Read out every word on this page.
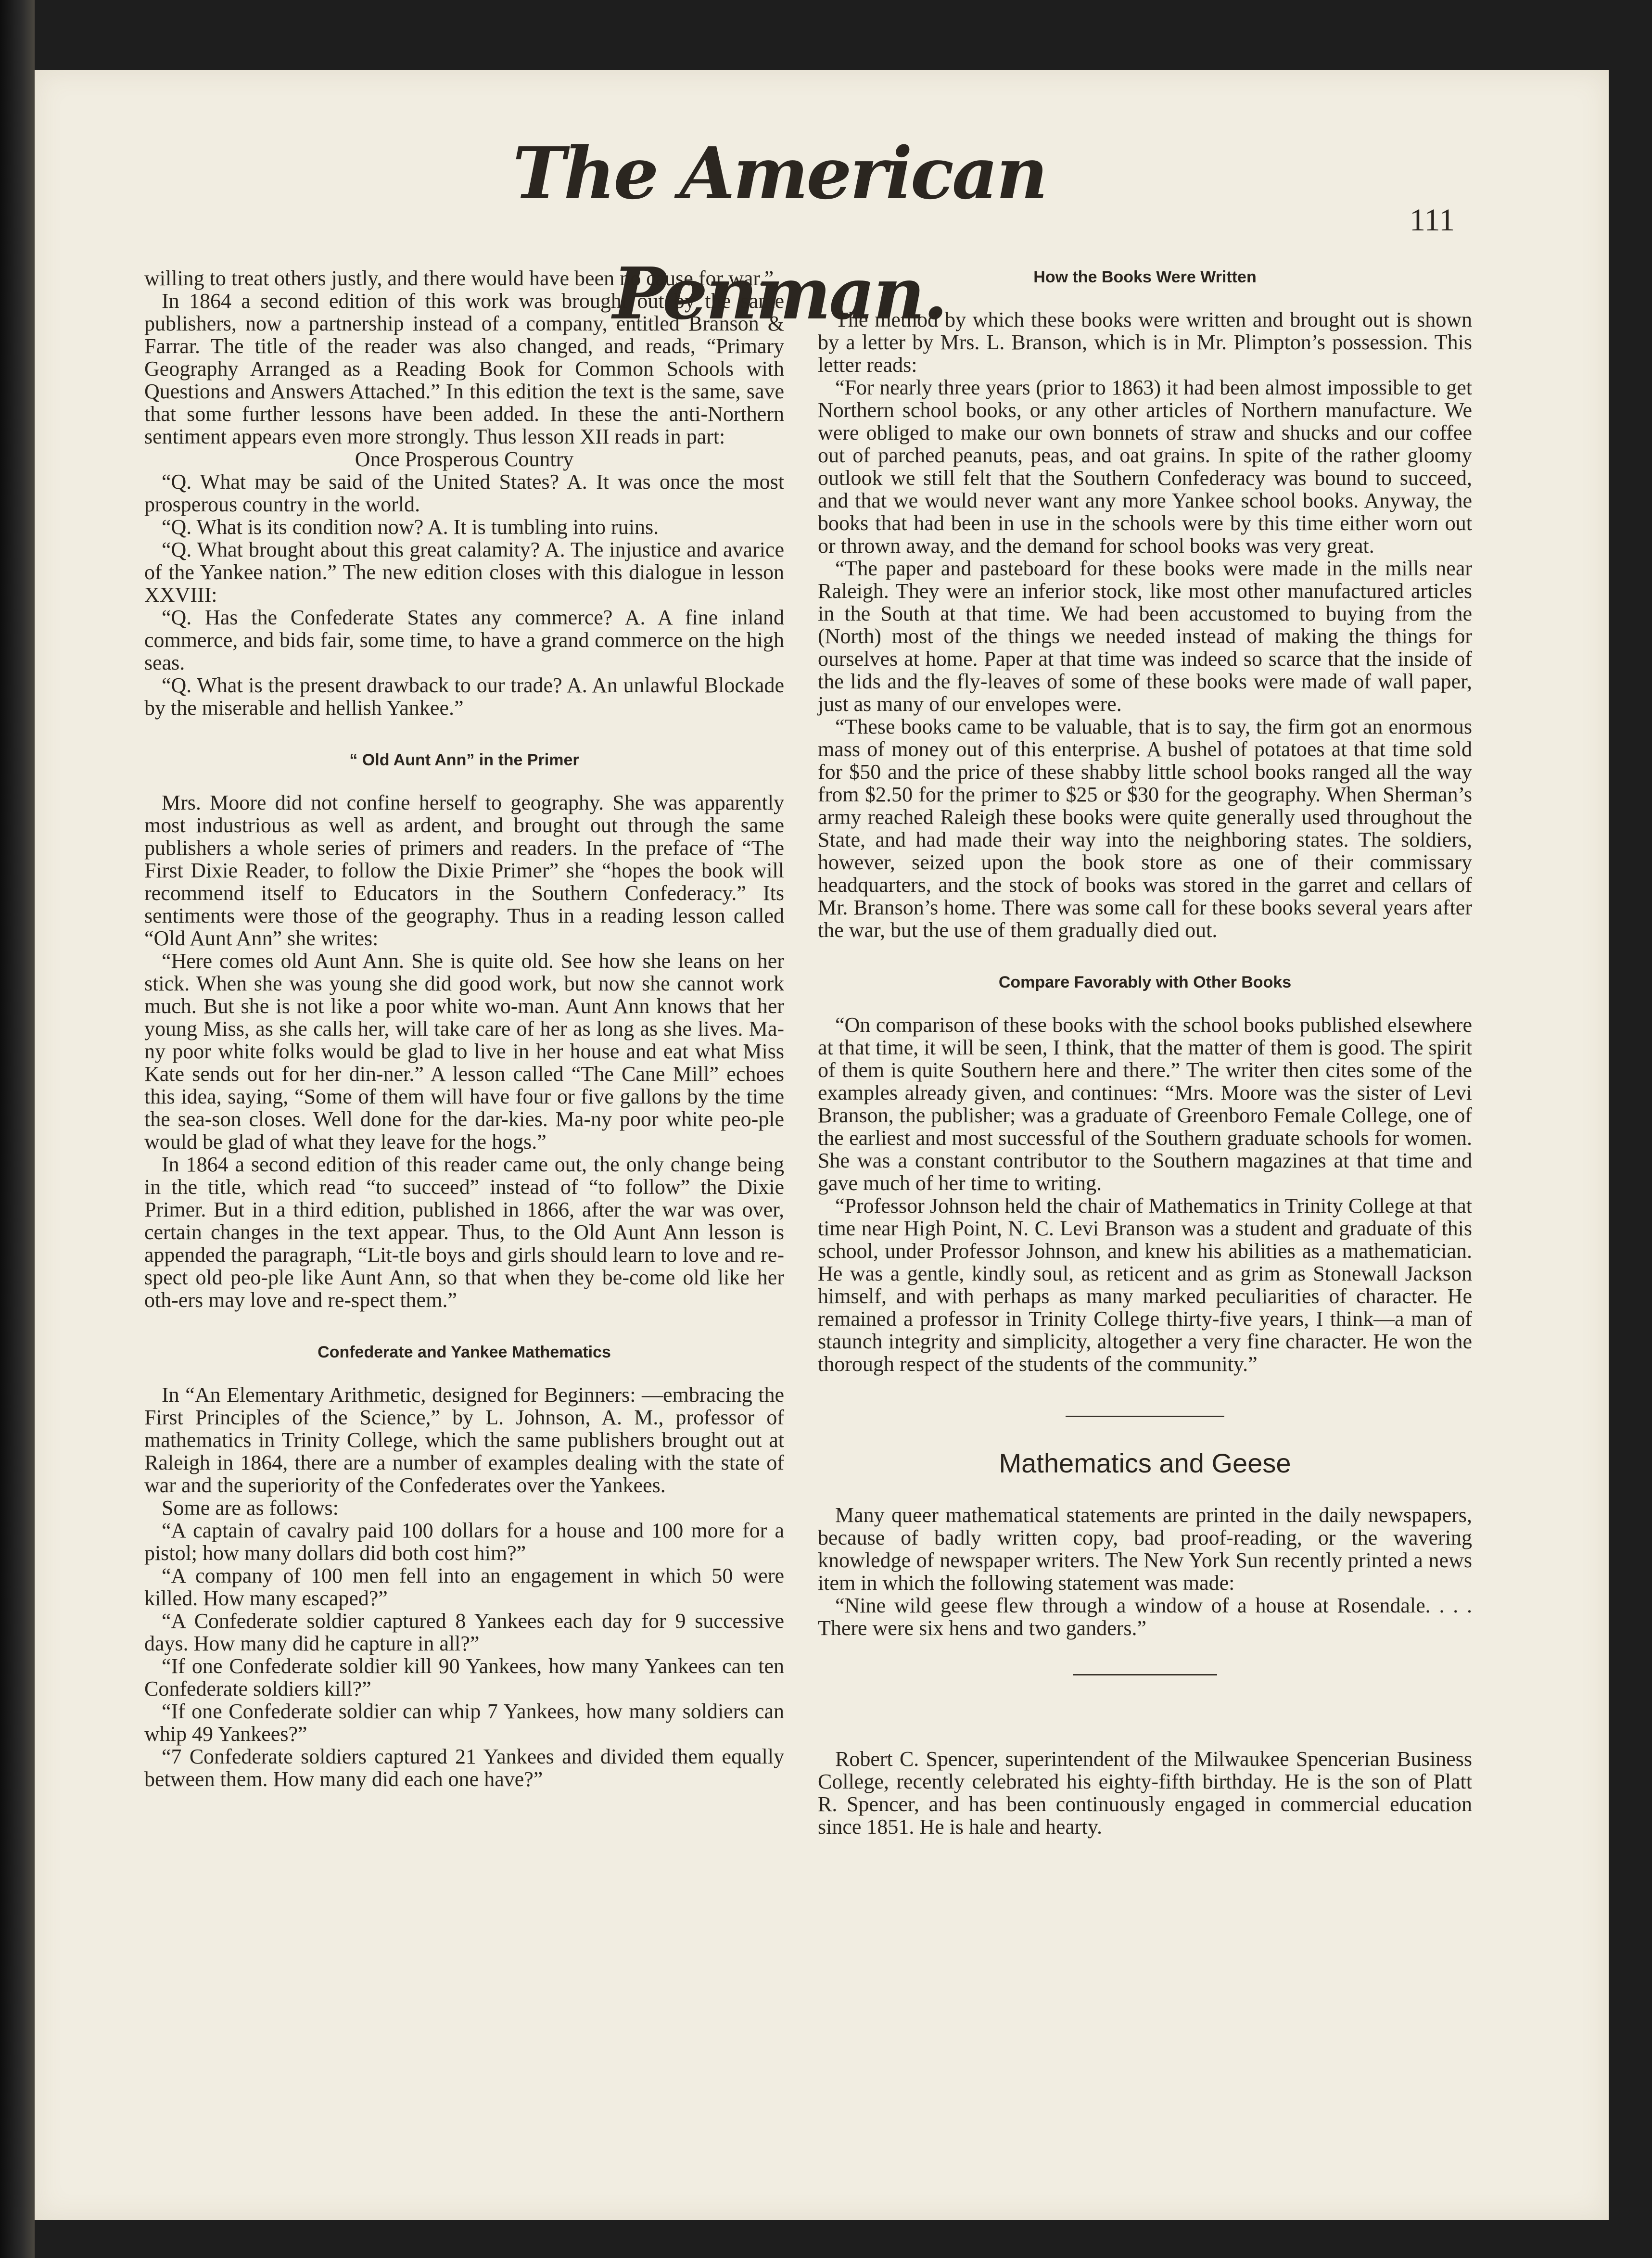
The American Penman.
111

willing to treat others justly, and there would have been no cause for war.”

In 1864 a second edition of this work was brought out by the same publishers, now a partnership instead of a company, entitled Branson & Farrar. The title of the reader was also changed, and reads, “Primary Geography Arranged as a Reading Book for Common Schools with Questions and Answers Attached.” In this edition the text is the same, save that some further lessons have been added. In these the anti-Northern sentiment appears even more strongly. Thus lesson XII reads in part:

Once Prosperous Country

“Q. What may be said of the United States? A. It was once the most prosperous country in the world.

“Q. What is its condition now? A. It is tumbling into ruins.

“Q. What brought about this great calamity? A. The injustice and avarice of the Yankee nation.” The new edition closes with this dialogue in lesson XXVIII:

“Q. Has the Confederate States any commerce? A. A fine inland commerce, and bids fair, some time, to have a grand commerce on the high seas.

“Q. What is the present drawback to our trade? A. An unlawful Blockade by the miserable and hellish Yankee.”

“ Old Aunt Ann” in the Primer

Mrs. Moore did not confine herself to geography. She was apparently most industrious as well as ardent, and brought out through the same publishers a whole series of primers and readers. In the preface of “The First Dixie Reader, to follow the Dixie Primer” she “hopes the book will recommend itself to Educators in the Southern Confederacy.” Its sentiments were those of the geography. Thus in a reading lesson called “Old Aunt Ann” she writes:

“Here comes old Aunt Ann. She is quite old. See how she leans on her stick. When she was young she did good work, but now she cannot work much. But she is not like a poor white wo-man. Aunt Ann knows that her young Miss, as she calls her, will take care of her as long as she lives. Ma-ny poor white folks would be glad to live in her house and eat what Miss Kate sends out for her din-ner.” A lesson called “The Cane Mill” echoes this idea, saying, “Some of them will have four or five gallons by the time the sea-son closes. Well done for the dar-kies. Ma-ny poor white peo-ple would be glad of what they leave for the hogs.”

In 1864 a second edition of this reader came out, the only change being in the title, which read “to succeed” instead of “to follow” the Dixie Primer. But in a third edition, published in 1866, after the war was over, certain changes in the text appear. Thus, to the Old Aunt Ann lesson is appended the paragraph, “Lit-tle boys and girls should learn to love and re-spect old peo-ple like Aunt Ann, so that when they be-come old like her oth-ers may love and re-spect them.”

Confederate and Yankee Mathematics

In “An Elementary Arithmetic, designed for Beginners: —embracing the First Principles of the Science,” by L. Johnson, A. M., professor of mathematics in Trinity College, which the same publishers brought out at Raleigh in 1864, there are a number of examples dealing with the state of war and the superiority of the Confederates over the Yankees.

Some are as follows:

“A captain of cavalry paid 100 dollars for a house and 100 more for a pistol; how many dollars did both cost him?”

“A company of 100 men fell into an engagement in which 50 were killed. How many escaped?”

“A Confederate soldier captured 8 Yankees each day for 9 successive days. How many did he capture in all?”

“If one Confederate soldier kill 90 Yankees, how many Yankees can ten Confederate soldiers kill?”

“If one Confederate soldier can whip 7 Yankees, how many soldiers can whip 49 Yankees?”

“7 Confederate soldiers captured 21 Yankees and divided them equally between them. How many did each one have?”

How the Books Were Written

The method by which these books were written and brought out is shown by a letter by Mrs. L. Branson, which is in Mr. Plimpton’s possession. This letter reads:

“For nearly three years (prior to 1863) it had been almost impossible to get Northern school books, or any other articles of Northern manufacture. We were obliged to make our own bonnets of straw and shucks and our coffee out of parched peanuts, peas, and oat grains. In spite of the rather gloomy outlook we still felt that the Southern Confederacy was bound to succeed, and that we would never want any more Yankee school books. Anyway, the books that had been in use in the schools were by this time either worn out or thrown away, and the demand for school books was very great.

“The paper and pasteboard for these books were made in the mills near Raleigh. They were an inferior stock, like most other manufactured articles in the South at that time. We had been accustomed to buying from the (North) most of the things we needed instead of making the things for ourselves at home. Paper at that time was indeed so scarce that the inside of the lids and the fly-leaves of some of these books were made of wall paper, just as many of our envelopes were.

“These books came to be valuable, that is to say, the firm got an enormous mass of money out of this enterprise. A bushel of potatoes at that time sold for $50 and the price of these shabby little school books ranged all the way from $2.50 for the primer to $25 or $30 for the geography. When Sherman’s army reached Raleigh these books were quite generally used throughout the State, and had made their way into the neighboring states. The soldiers, however, seized upon the book store as one of their commissary headquarters, and the stock of books was stored in the garret and cellars of Mr. Branson’s home. There was some call for these books several years after the war, but the use of them gradually died out.

Compare Favorably with Other Books

“On comparison of these books with the school books published elsewhere at that time, it will be seen, I think, that the matter of them is good. The spirit of them is quite Southern here and there.” The writer then cites some of the examples already given, and continues: “Mrs. Moore was the sister of Levi Branson, the publisher; was a graduate of Greenboro Female College, one of the earliest and most successful of the Southern graduate schools for women. She was a constant contributor to the Southern magazines at that time and gave much of her time to writing.

“Professor Johnson held the chair of Mathematics in Trinity College at that time near High Point, N. C. Levi Branson was a student and graduate of this school, under Professor Johnson, and knew his abilities as a mathematician. He was a gentle, kindly soul, as reticent and as grim as Stonewall Jackson himself, and with perhaps as many marked peculiarities of character. He remained a professor in Trinity College thirty-five years, I think—a man of staunch integrity and simplicity, altogether a very fine character. He won the thorough respect of the students of the community.”

Mathematics and Geese

Many queer mathematical statements are printed in the daily newspapers, because of badly written copy, bad proof-reading, or the wavering knowledge of newspaper writers. The New York Sun recently printed a news item in which the following statement was made:

“Nine wild geese flew through a window of a house at Rosendale. . . . There were six hens and two ganders.”

Robert C. Spencer, superintendent of the Milwaukee Spencerian Business College, recently celebrated his eighty-fifth birthday. He is the son of Platt R. Spencer, and has been continuously engaged in commercial education since 1851. He is hale and hearty.
